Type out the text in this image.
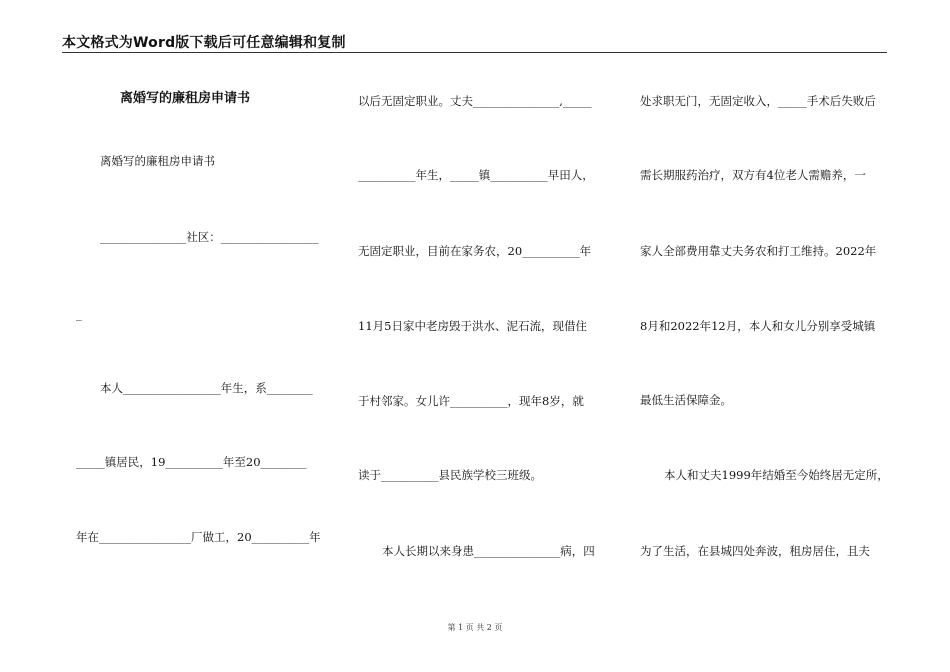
本文格式为Word版下载后可任意编辑和复制
离婚写的廉租房申请书
离婚写的廉租房申请书
_______________社区：_________________
_
本人_________________年生，系________
_____镇居民，19__________年至20________
年在________________厂做工，20__________年
以后无固定职业。丈夫_______________,_____
__________年生，_____镇__________早田人，
无固定职业，目前在家务农，20__________年
11月5日家中老房毁于洪水、泥石流，现借住
于村邻家。女儿许__________，现年8岁，就
读于__________县民族学校三班级。
本人长期以来身患_______________病，四
处求职无门，无固定收入，_____手术后失败后
需长期服药治疗，双方有4位老人需赡养，一
家人全部费用靠丈夫务农和打工维持。2022年
8月和2022年12月，本人和女儿分别享受城镇
最低生活保障金。
本人和丈夫1999年结婚至今始终居无定所，
为了生活，在县城四处奔波，租房居住，且夫
第 1 页 共 2 页
